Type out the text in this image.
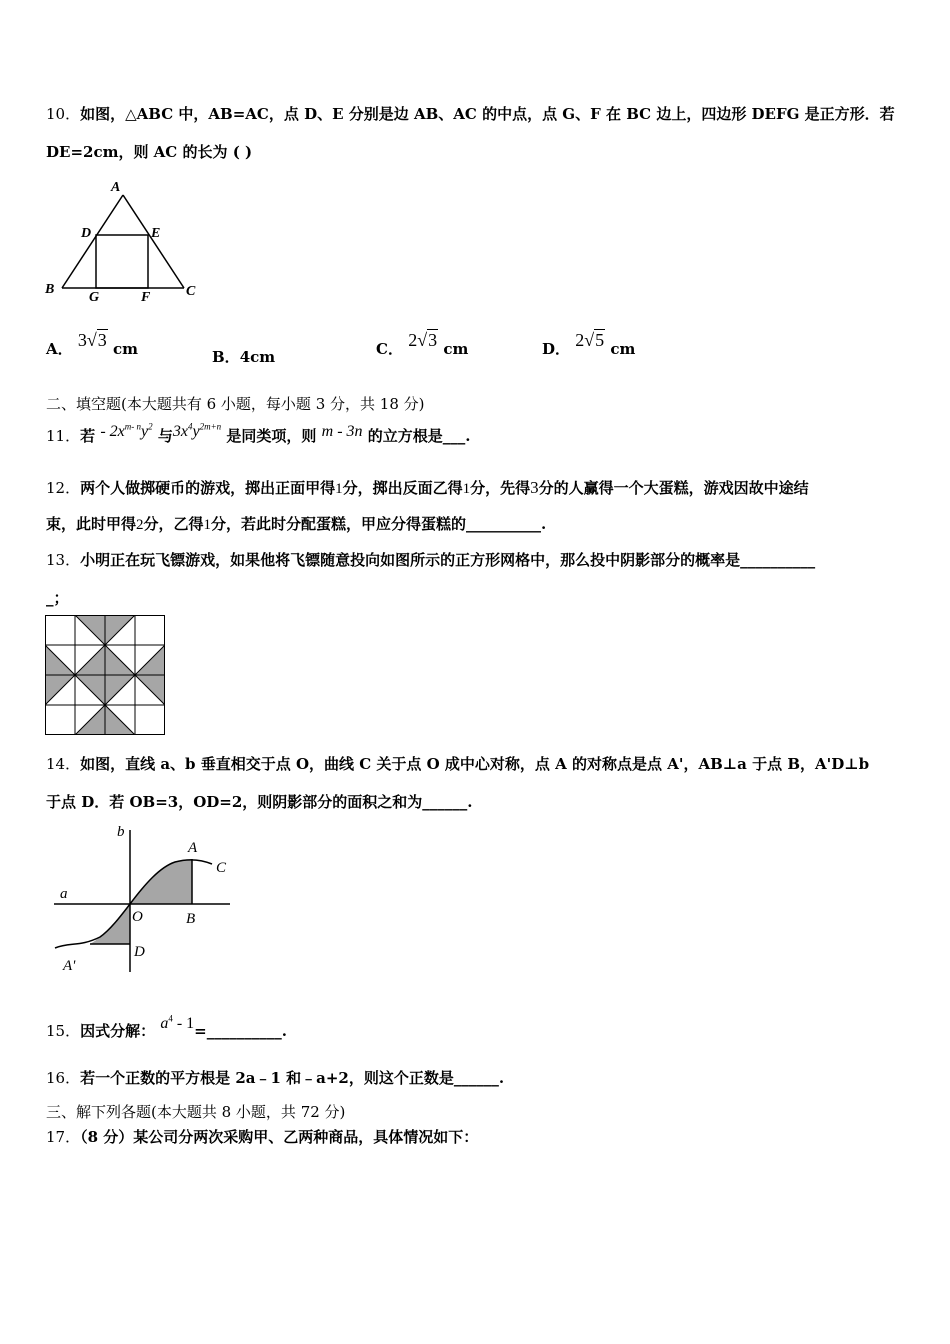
10．如图，△ABC 中，AB=AC，点 D、E 分别是边 AB、AC 的中点，点 G、F 在 BC 边上，四边形 DEFG 是正方形．若
DE=2cm，则 AC 的长为 ( )
A
D	E
B
G	F	C
A． 3√3 cm	B．4cm	C． 2√3 cm	D． 2√5 cm
二、填空题(本大题共有 6 小题，每小题 3 分，共 18 分)
11．若 - $2x^{m- n}y^2$ 与$3x^4y^{2m+n}$ 是同类项，则 m - 3n 的立方根是___.
12．两个人做掷硬币的游戏，掷出正面甲得1分，掷出反面乙得1分，先得3分的人赢得一个大蛋糕，游戏因故中途结
束，此时甲得2分，乙得1分，若此时分配蛋糕，甲应分得蛋糕的__________.
13．小明正在玩飞镖游戏，如果他将飞镖随意投向如图所示的正方形网格中，那么投中阴影部分的概率是__________
_；
14．如图，直线 a、b 垂直相交于点 O，曲线 C 关于点 O 成中心对称，点 A 的对称点是点 A'，AB⊥a 于点 B，A'D⊥b
于点 D．若 OB=3，OD=2，则阴影部分的面积之和为______.
b
A
C
a
O	B
D
A'
15．因式分解： $a^4$ - 1=__________.
16．若一个正数的平方根是 2a﹣1 和﹣a+2，则这个正数是______.
三、解下列各题(本大题共 8 小题，共 72 分)
17．（8 分）某公司分两次采购甲、乙两种商品，具体情况如下：
